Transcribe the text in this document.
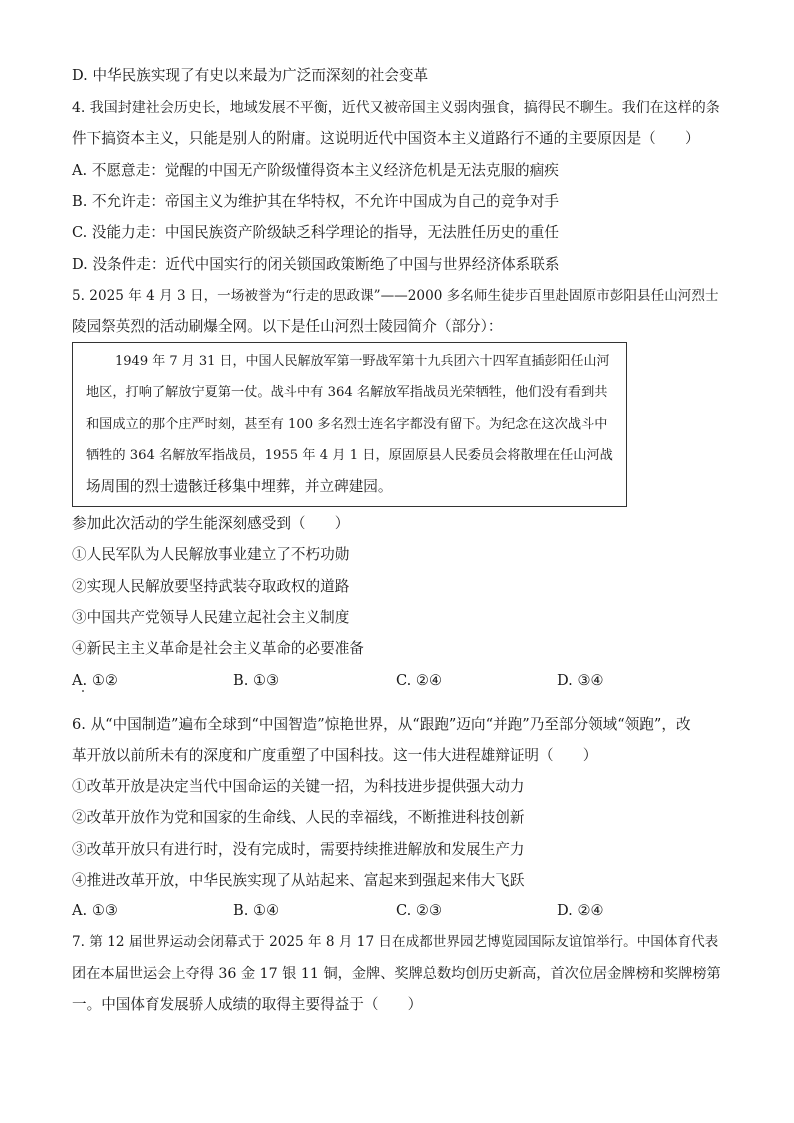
D. 中华民族实现了有史以来最为广泛而深刻的社会变革
4. 我国封建社会历史长，地域发展不平衡，近代又被帝国主义弱肉强食，搞得民不聊生。我们在这样的条
件下搞资本主义，只能是别人的附庸。这说明近代中国资本主义道路行不通的主要原因是（　　）
A. 不愿意走：觉醒的中国无产阶级懂得资本主义经济危机是无法克服的痼疾
B. 不允许走：帝国主义为维护其在华特权，不允许中国成为自己的竞争对手
C. 没能力走：中国民族资产阶级缺乏科学理论的指导，无法胜任历史的重任
D. 没条件走：近代中国实行的闭关锁国政策断绝了中国与世界经济体系联系
5. 2025 年 4 月 3 日，一场被誉为“行走的思政课”——2000 多名师生徒步百里赴固原市彭阳县任山河烈士
陵园祭英烈的活动刷爆全网。以下是任山河烈士陵园简介（部分）：
1949 年 7 月 31 日，中国人民解放军第一野战军第十九兵团六十四军直插彭阳任山河
地区，打响了解放宁夏第一仗。战斗中有 364 名解放军指战员光荣牺牲，他们没有看到共
和国成立的那个庄严时刻，甚至有 100 多名烈士连名字都没有留下。为纪念在这次战斗中
牺牲的 364 名解放军指战员，1955 年 4 月 1 日，原固原县人民委员会将散埋在任山河战
场周围的烈士遗骸迁移集中埋葬，并立碑建园。
参加此次活动的学生能深刻感受到（　　）
①人民军队为人民解放事业建立了不朽功勋
②实现人民解放要坚持武装夺取政权的道路
③中国共产党领导人民建立起社会主义制度
④新民主主义革命是社会主义革命的必要准备
A. ①②	B. ①③	C. ②④	D. ③④
6. 从“中国制造”遍布全球到“中国智造”惊艳世界，从“跟跑”迈向“并跑”乃至部分领域“领跑”，改
革开放以前所未有的深度和广度重塑了中国科技。这一伟大进程雄辩证明（　　）
①改革开放是决定当代中国命运的关键一招，为科技进步提供强大动力
②改革开放作为党和国家的生命线、人民的幸福线，不断推进科技创新
③改革开放只有进行时，没有完成时，需要持续推进解放和发展生产力
④推进改革开放，中华民族实现了从站起来、富起来到强起来伟大飞跃
A. ①③	B. ①④	C. ②③	D. ②④
7. 第 12 届世界运动会闭幕式于 2025 年 8 月 17 日在成都世界园艺博览园国际友谊馆举行。中国体育代表
团在本届世运会上夺得 36 金 17 银 11 铜，金牌、奖牌总数均创历史新高，首次位居金牌榜和奖牌榜第
一。中国体育发展骄人成绩的取得主要得益于（　　）
